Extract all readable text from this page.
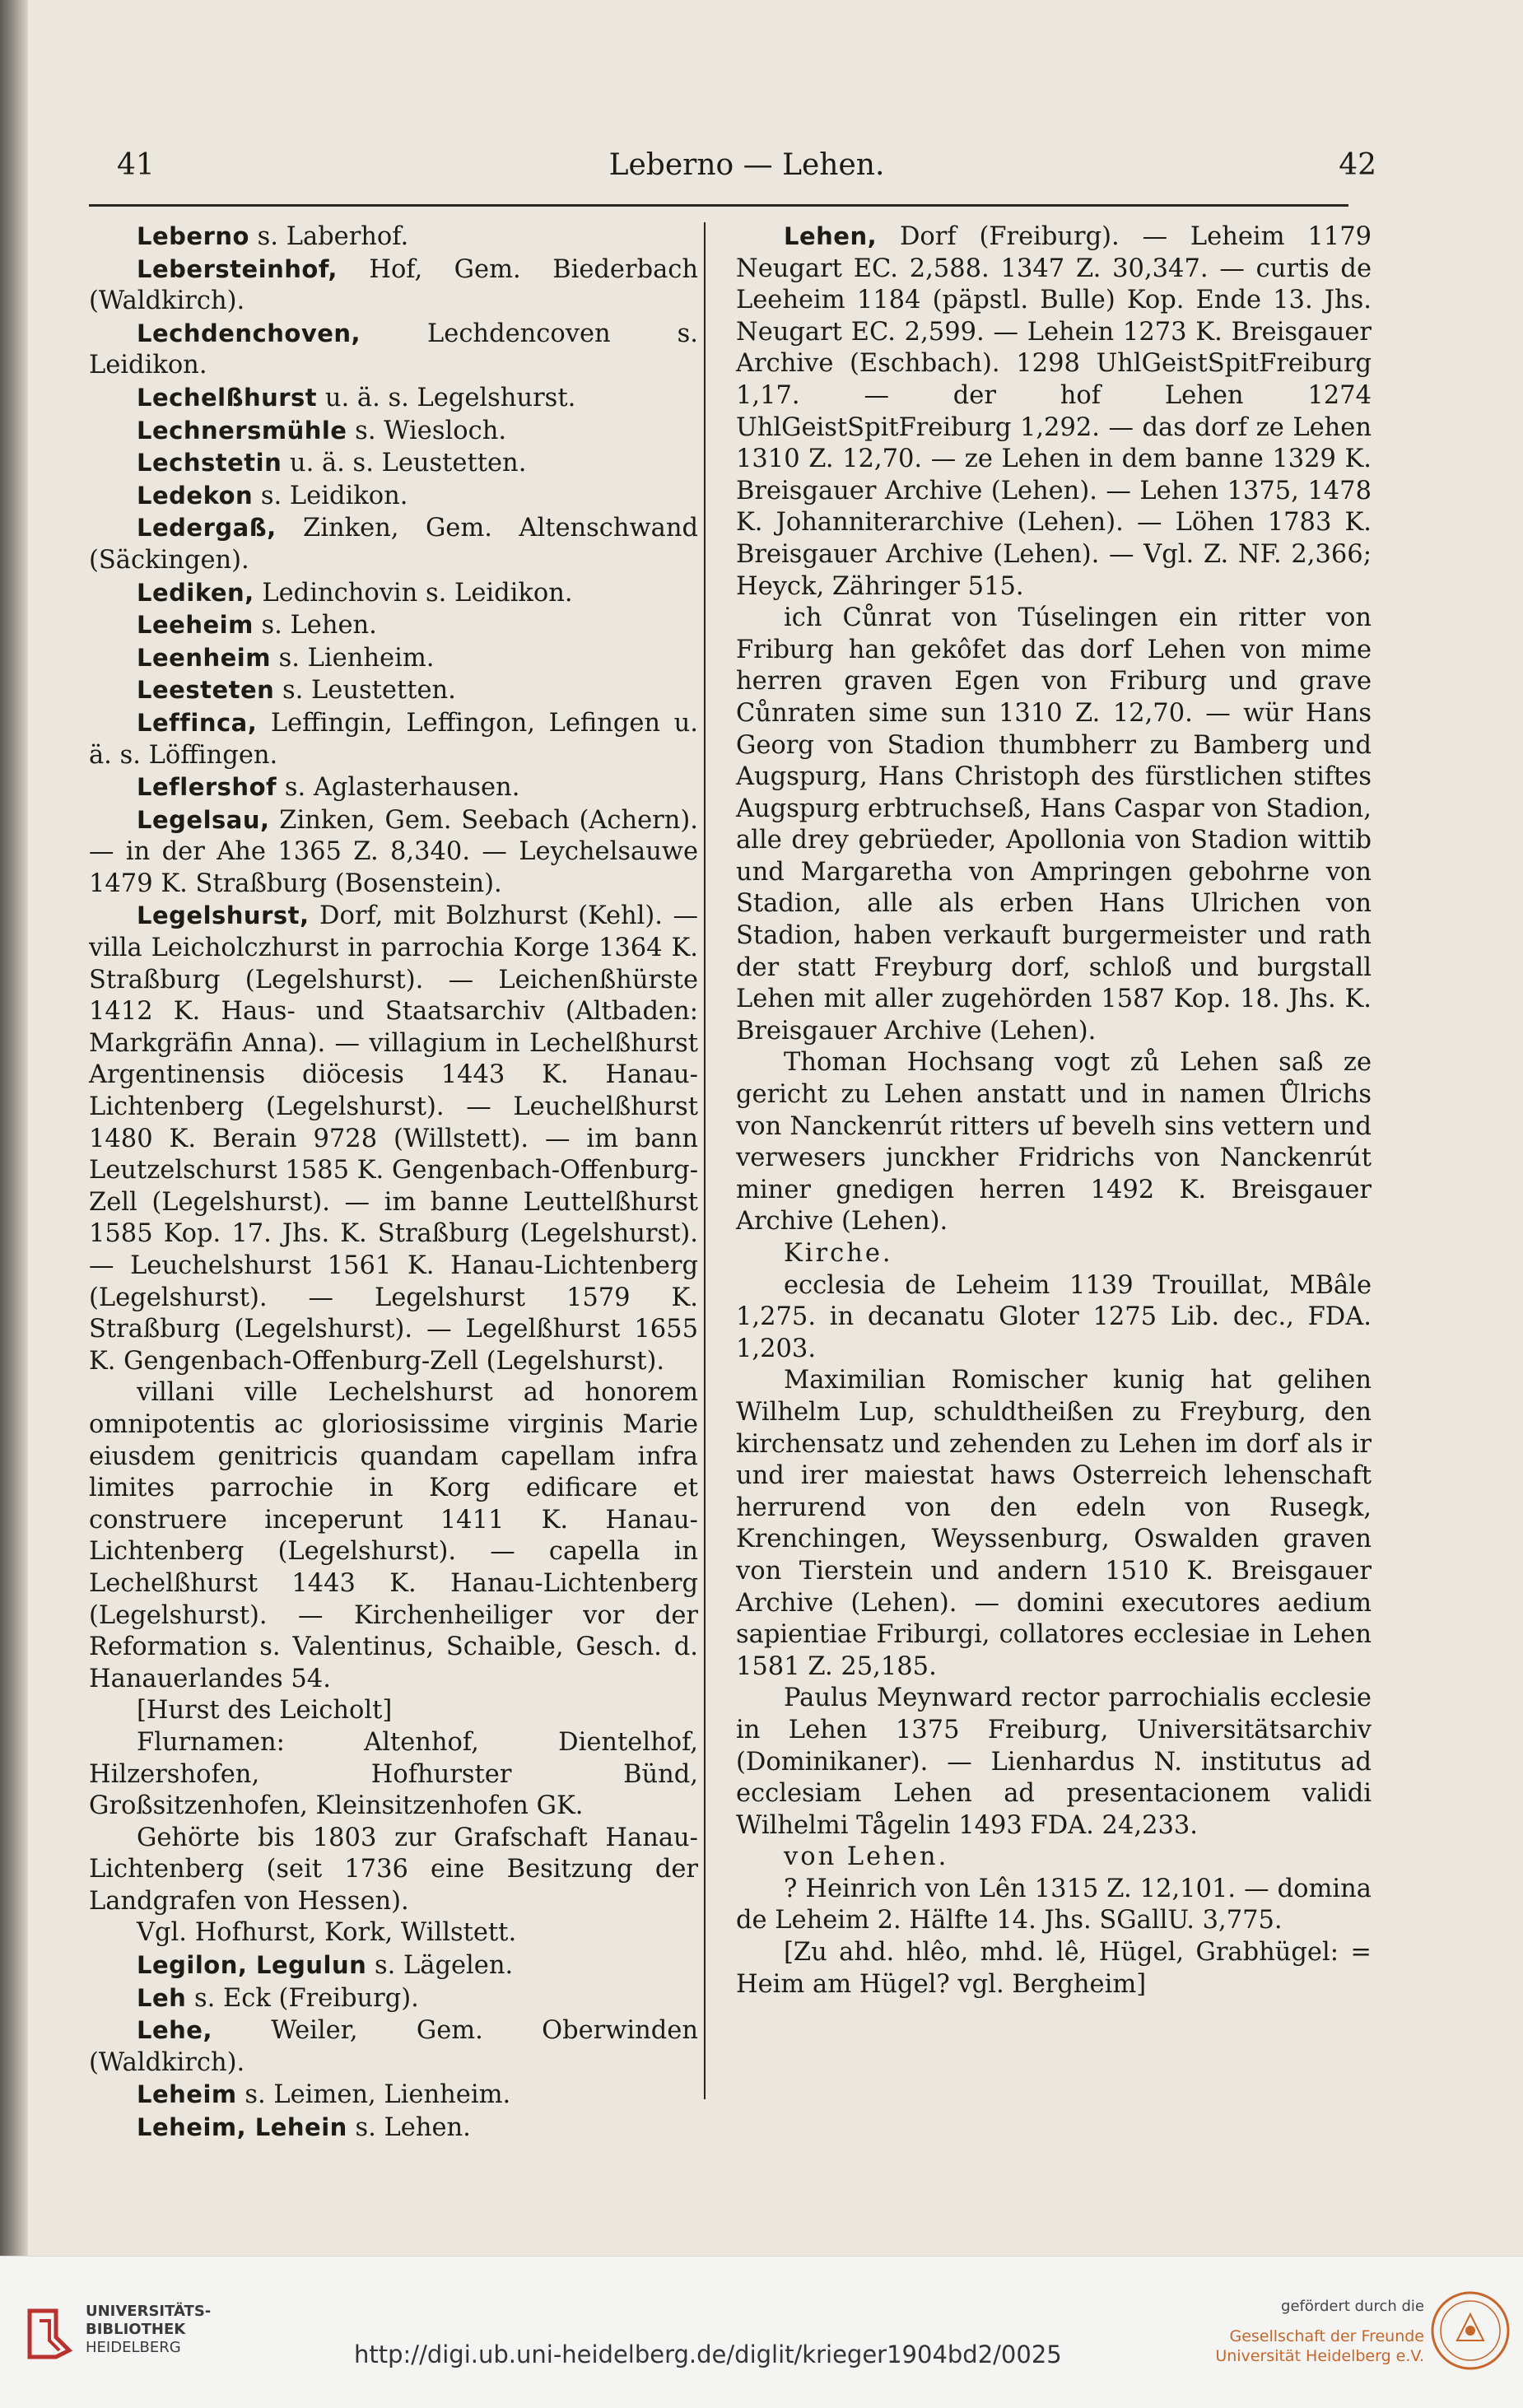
41	Leberno — Lehen.	42

Leberno s. Laberhof.

Lebersteinhof, Hof, Gem. Biederbach (Waldkirch).

Lechdenchoven, Lechdencoven s. Leidikon.

Lechelßhurst u. ä. s. Legelshurst.

Lechnersmühle s. Wiesloch.

Lechstetin u. ä. s. Leustetten.

Ledekon s. Leidikon.

Ledergaß, Zinken, Gem. Altenschwand (Säckingen).

Lediken, Ledinchovin s. Leidikon.

Leeheim s. Lehen.

Leenheim s. Lienheim.

Leesteten s. Leustetten.

Leffinca, Leffingin, Leffingon, Lefingen u. ä. s. Löffingen.

Leflershof s. Aglasterhausen.

Legelsau, Zinken, Gem. Seebach (Achern). — in der Ahe 1365 Z. 8,340. — Leychelsauwe 1479 K. Straßburg (Bosenstein).

Legelshurst, Dorf, mit Bolzhurst (Kehl). — villa Leicholczhurst in parrochia Korge 1364 K. Straßburg (Legelshurst). — Leichenßhürste 1412 K. Haus- und Staatsarchiv (Altbaden: Markgräfin Anna). — villagium in Lechelßhurst Argentinensis diöcesis 1443 K. Hanau-Lichtenberg (Legelshurst). — Leuchelßhurst 1480 K. Berain 9728 (Willstett). — im bann Leutzelschurst 1585 K. Gengenbach-Offenburg-Zell (Legelshurst). — im banne Leuttelßhurst 1585 Kop. 17. Jhs. K. Straßburg (Legelshurst). — Leuchelshurst 1561 K. Hanau-Lichtenberg (Legelshurst). — Legelshurst 1579 K. Straßburg (Legelshurst). — Legelßhurst 1655 K. Gengenbach-Offenburg-Zell (Legelshurst).

villani ville Lechelshurst ad honorem omnipotentis ac gloriosissime virginis Marie eiusdem genitricis quandam capellam infra limites parrochie in Korg edificare et construere inceperunt 1411 K. Hanau-Lichtenberg (Legelshurst). — capella in Lechelßhurst 1443 K. Hanau-Lichtenberg (Legelshurst). — Kirchenheiliger vor der Reformation s. Valentinus, Schaible, Gesch. d. Hanauerlandes 54.

[Hurst des Leicholt]

Flurnamen: Altenhof, Dientelhof, Hilzershofen, Hofhurster Bünd, Großsitzenhofen, Kleinsitzenhofen GK.

Gehörte bis 1803 zur Grafschaft Hanau-Lichtenberg (seit 1736 eine Besitzung der Landgrafen von Hessen).

Vgl. Hofhurst, Kork, Willstett.

Legilon, Legulun s. Lägelen.

Leh s. Eck (Freiburg).

Lehe, Weiler, Gem. Oberwinden (Waldkirch).

Leheim s. Leimen, Lienheim.

Leheim, Lehein s. Lehen.

Lehen, Dorf (Freiburg). — Leheim 1179 Neugart EC. 2,588. 1347 Z. 30,347. — curtis de Leeheim 1184 (päpstl. Bulle) Kop. Ende 13. Jhs. Neugart EC. 2,599. — Lehein 1273 K. Breisgauer Archive (Eschbach). 1298 UhlGeistSpitFreiburg 1,17. — der hof Lehen 1274 UhlGeistSpitFreiburg 1,292. — das dorf ze Lehen 1310 Z. 12,70. — ze Lehen in dem banne 1329 K. Breisgauer Archive (Lehen). — Lehen 1375, 1478 K. Johanniterarchive (Lehen). — Löhen 1783 K. Breisgauer Archive (Lehen). — Vgl. Z. NF. 2,366; Heyck, Zähringer 515.

ich Cůnrat von Túselingen ein ritter von Friburg han gekôfet das dorf Lehen von mime herren graven Egen von Friburg und grave Cůnraten sime sun 1310 Z. 12,70. — wür Hans Georg von Stadion thumbherr zu Bamberg und Augspurg, Hans Christoph des fürstlichen stiftes Augspurg erbtruchseß, Hans Caspar von Stadion, alle drey gebrüeder, Apollonia von Stadion wittib und Margaretha von Ampringen gebohrne von Stadion, alle als erben Hans Ulrichen von Stadion, haben verkauft burgermeister und rath der statt Freyburg dorf, schloß und burgstall Lehen mit aller zugehörden 1587 Kop. 18. Jhs. K. Breisgauer Archive (Lehen).

Thoman Hochsang vogt zů Lehen saß ze gericht zu Lehen anstatt und in namen Ůlrichs von Nanckenrút ritters uf bevelh sins vettern und verwesers junckher Fridrichs von Nanckenrút miner gnedigen herren 1492 K. Breisgauer Archive (Lehen).

Kirche.

ecclesia de Leheim 1139 Trouillat, MBâle 1,275. in decanatu Gloter 1275 Lib. dec., FDA. 1,203.

Maximilian Romischer kunig hat gelihen Wilhelm Lup, schuldtheißen zu Freyburg, den kirchensatz und zehenden zu Lehen im dorf als ir und irer maiestat haws Osterreich lehenschaft herrurend von den edeln von Rusegk, Krenchingen, Weyssenburg, Oswalden graven von Tierstein und andern 1510 K. Breisgauer Archive (Lehen). — domini executores aedium sapientiae Friburgi, collatores ecclesiae in Lehen 1581 Z. 25,185.

Paulus Meynward rector parrochialis ecclesie in Lehen 1375 Freiburg, Universitätsarchiv (Dominikaner). — Lienhardus N. institutus ad ecclesiam Lehen ad presentacionem validi Wilhelmi Tågelin 1493 FDA. 24,233.

von Lehen.

? Heinrich von Lên 1315 Z. 12,101. — domina de Leheim 2. Hälfte 14. Jhs. SGallU. 3,775.

[Zu ahd. hlêo, mhd. lê, Hügel, Grabhügel: = Heim am Hügel? vgl. Bergheim]

UNIVERSITÄTS-
BIBLIOTHEK
HEIDELBERG	http://digi.ub.uni-heidelberg.de/diglit/krieger1904bd2/0025
gefördert durch die
Gesellschaft der Freunde
Universität Heidelberg e.V.
